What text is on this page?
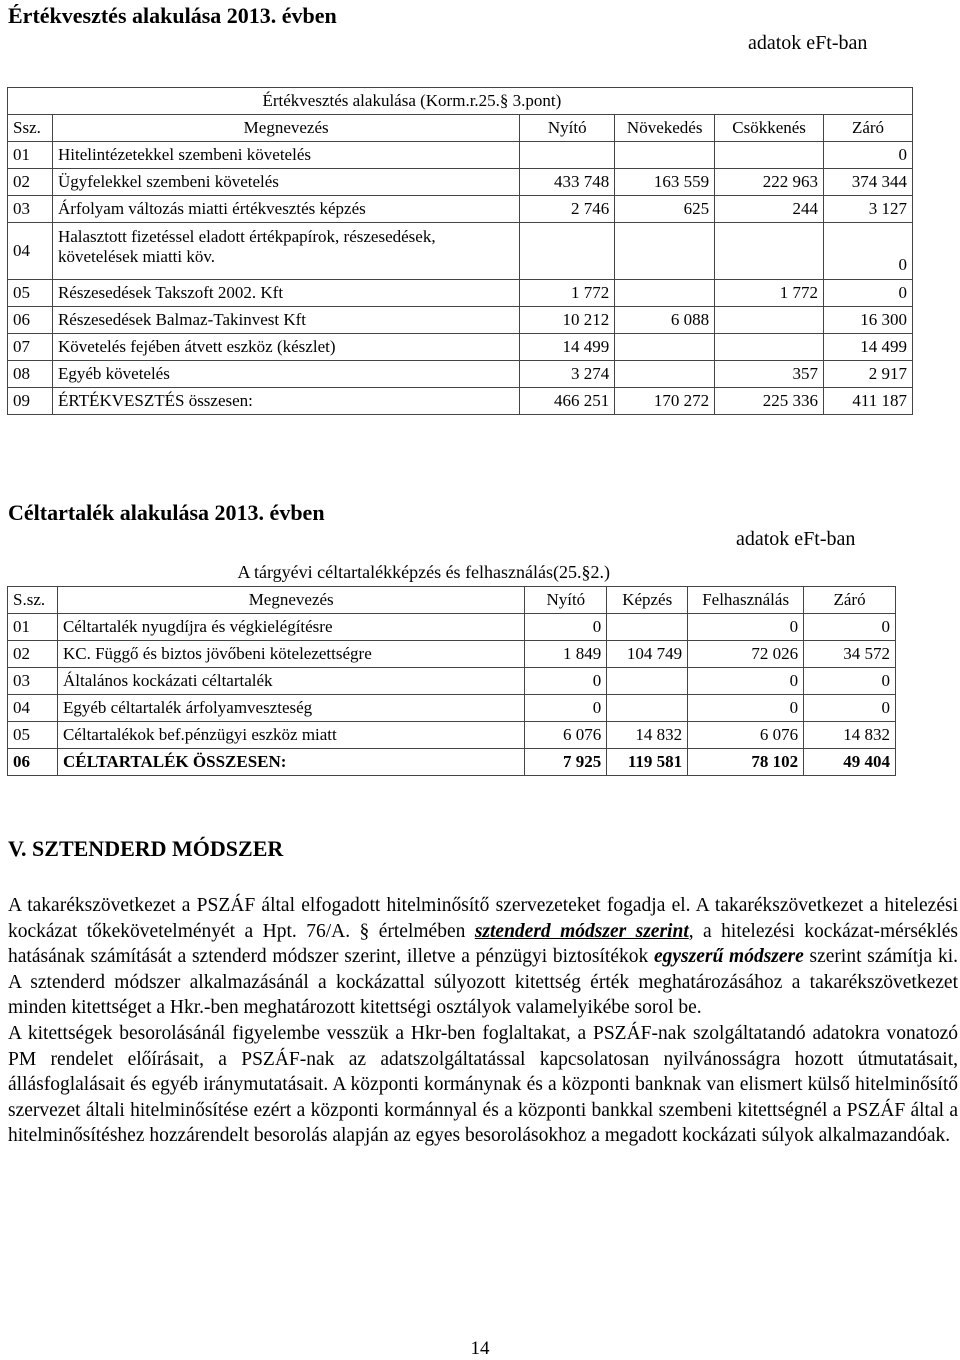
Értékvesztés alakulása 2013. évben
adatok eFt-ban
	Értékvesztés alakulása (Korm.r.25.§ 3.pont)				
Ssz.	Megnevezés	Nyító	Növekedés	Csökkenés	Záró
01	Hitelintézetekkel szembeni követelés				0
02	Ügyfelekkel szembeni követelés	433 748	163 559	222 963	374 344
03	Árfolyam változás miatti értékvesztés képzés	2 746	625	244	3 127
04	Halasztott fizetéssel eladott értékpapírok, részesedések, követelések miatti köv.				0
05	Részesedések Takszoft 2002. Kft	1 772		1 772	0
06	Részesedések Balmaz-Takinvest Kft	10 212	6 088		16 300
07	Követelés fejében átvett eszköz (készlet)	14 499			14 499
08	Egyéb követelés	3 274		357	2 917
09	ÉRTÉKVESZTÉS összesen:	466 251	170 272	225 336	411 187
Céltartalék alakulása 2013. évben
adatok eFt-ban
A tárgyévi céltartalékképzés és felhasználás(25.§2.)					
S.sz.	Megnevezés	Nyító	Képzés	Felhasználás	Záró
01	Céltartalék nyugdíjra és végkielégítésre	0		0	0
02	KC. Függő és biztos jövőbeni kötelezettségre	1 849	104 749	72 026	34 572
03	Általános kockázati céltartalék	0		0	0
04	Egyéb céltartalék árfolyamveszteség	0		0	0
05	Céltartalékok bef.pénzügyi eszköz miatt	6 076	14 832	6 076	14 832
06	CÉLTARTALÉK ÖSSZESEN:	7 925	119 581	78 102	49 404
V. SZTENDERD MÓDSZER

A takarékszövetkezet a PSZÁF által elfogadott hitelminősítő szervezeteket fogadja el. A takarékszövetkezet a hitelezési kockázat tőkekövetelményét a Hpt. 76/A. § értelmében sztenderd módszer szerint, a hitelezési kockázat-mérséklés hatásának számítását a sztenderd módszer szerint, illetve a pénzügyi biztosítékok egyszerű módszere szerint számítja ki. A sztenderd módszer alkalmazásánál a kockázattal súlyozott kitettség érték meghatározásához a takarékszövetkezet minden kitettséget a Hkr.-ben meghatározott kitettségi osztályok valamelyikébe sorol be.

A kitettségek besorolásánál figyelembe vesszük a Hkr-ben foglaltakat, a PSZÁF-nak szolgáltatandó adatokra vonatozó PM rendelet előírásait, a PSZÁF-nak az adatszolgáltatással kapcsolatosan nyilvánosságra hozott útmutatásait, állásfoglalásait és egyéb iránymutatásait. A központi kormánynak és a központi banknak van elismert külső hitelminősítő szervezet általi hitelminősítése ezért a központi kormánnyal és a központi bankkal szembeni kitettségnél a PSZÁF által a hitelminősítéshez hozzárendelt besorolás alapján az egyes besorolásokhoz a megadott kockázati súlyok alkalmazandóak.

14
